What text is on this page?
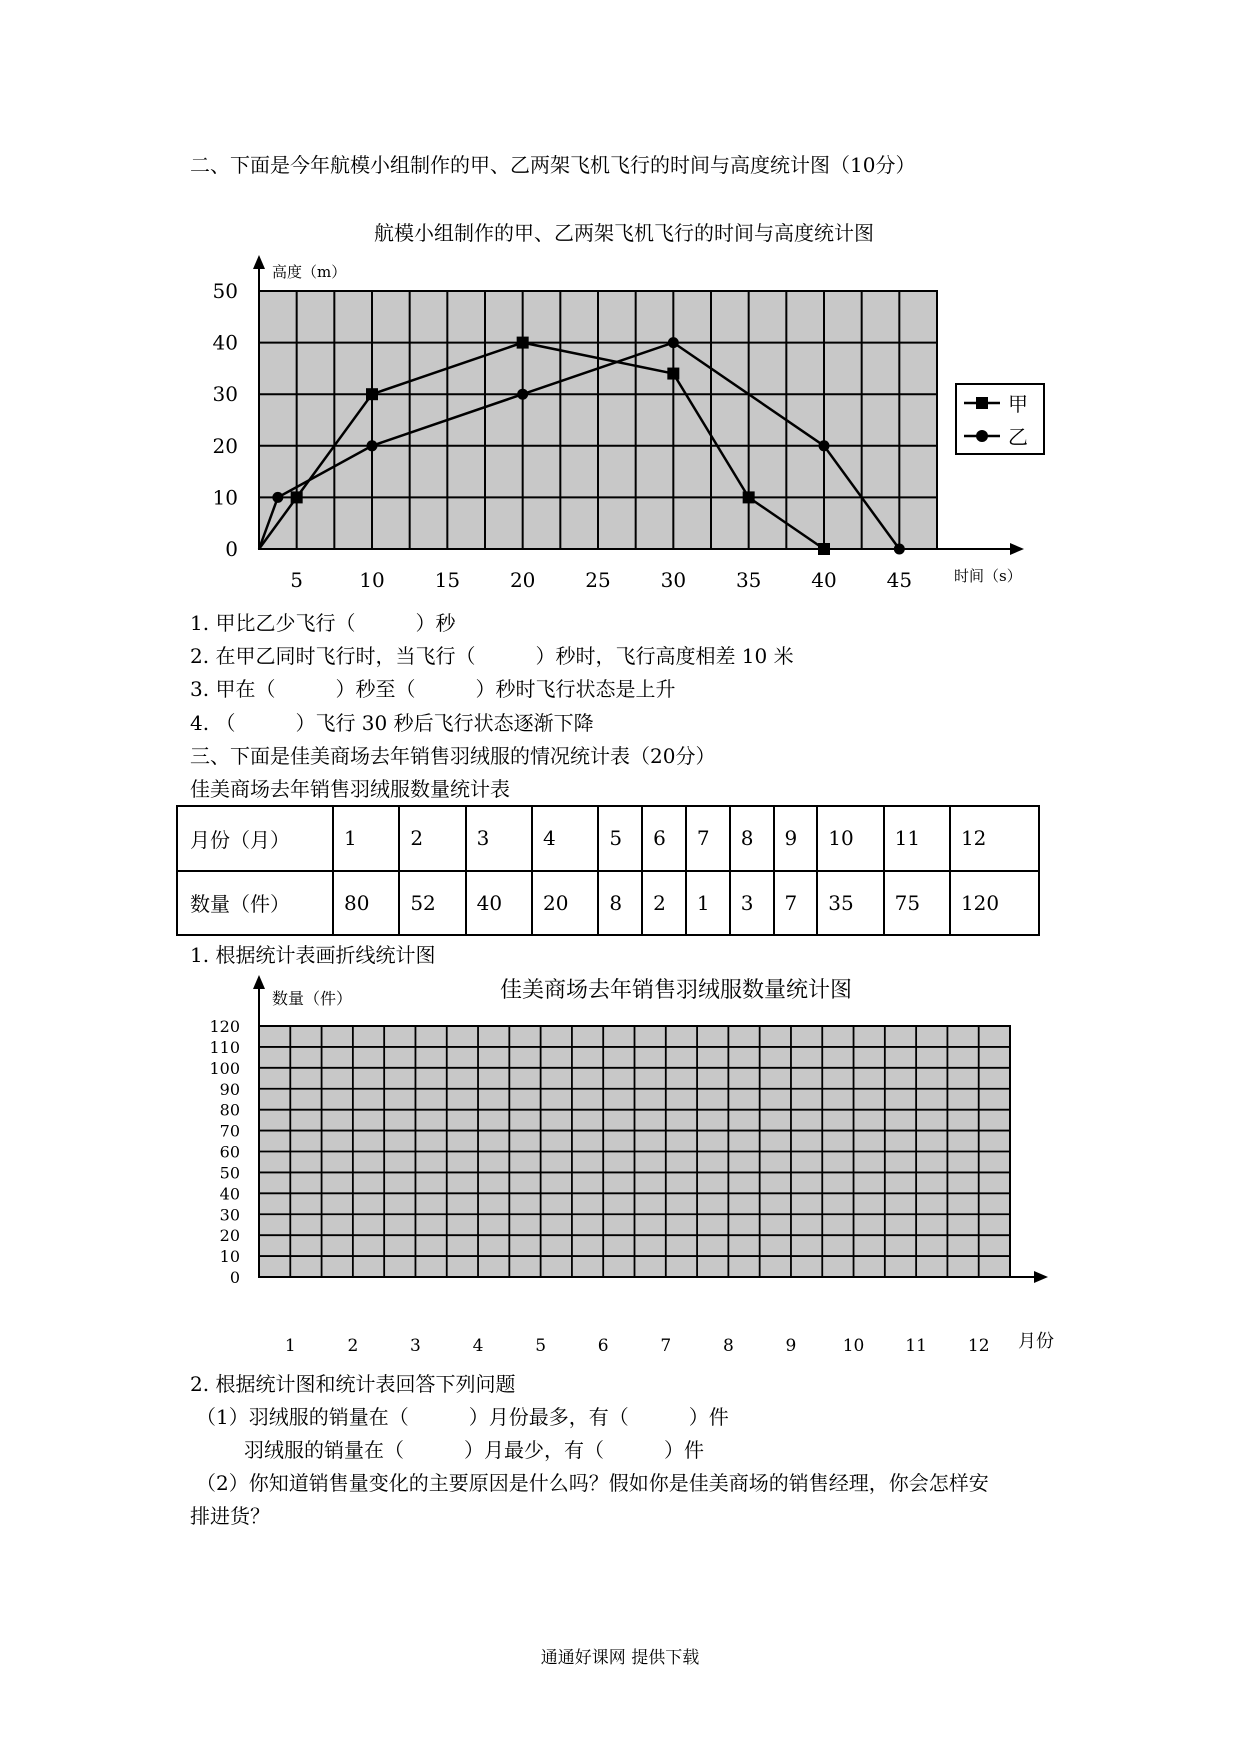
二、下面是今年航模小组制作的甲、乙两架飞机飞行的时间与高度统计图（10分）
航模小组制作的甲、乙两架飞机飞行的时间与高度统计图
高度（m）
时间（s）
0
10
20
30
40
50
5	10 15 20 25 30 35 40 45
甲
乙
1. 甲比乙少飞行（　　　）秒
2. 在甲乙同时飞行时，当飞行（　　　）秒时，飞行高度相差 10 米
3. 甲在（　　　）秒至（　　　）秒时飞行状态是上升
4. （　　　）飞行 30 秒后飞行状态逐渐下降
三、下面是佳美商场去年销售羽绒服的情况统计表（20分）
佳美商场去年销售羽绒服数量统计表
月份（月）	1	2	3	4	5	6	7	8	9	10	11	12
数量（件）	80	52	40	20	8	2	1	3	7	35	75	120
1. 根据统计表画折线统计图
佳美商场去年销售羽绒服数量统计图
数量（件）
月份
0
10
20
30
40
50
60
70
80
90
100
110
120
1	2	3	4	5	6	7	8	9	10 11 12
2. 根据统计图和统计表回答下列问题
（1）羽绒服的销量在（　　　）月份最多，有（　　　）件
羽绒服的销量在（　　　）月最少，有（　　　）件
（2）你知道销售量变化的主要原因是什么吗？假如你是佳美商场的销售经理，你会怎样安
排进货？
通通好课网 提供下载
